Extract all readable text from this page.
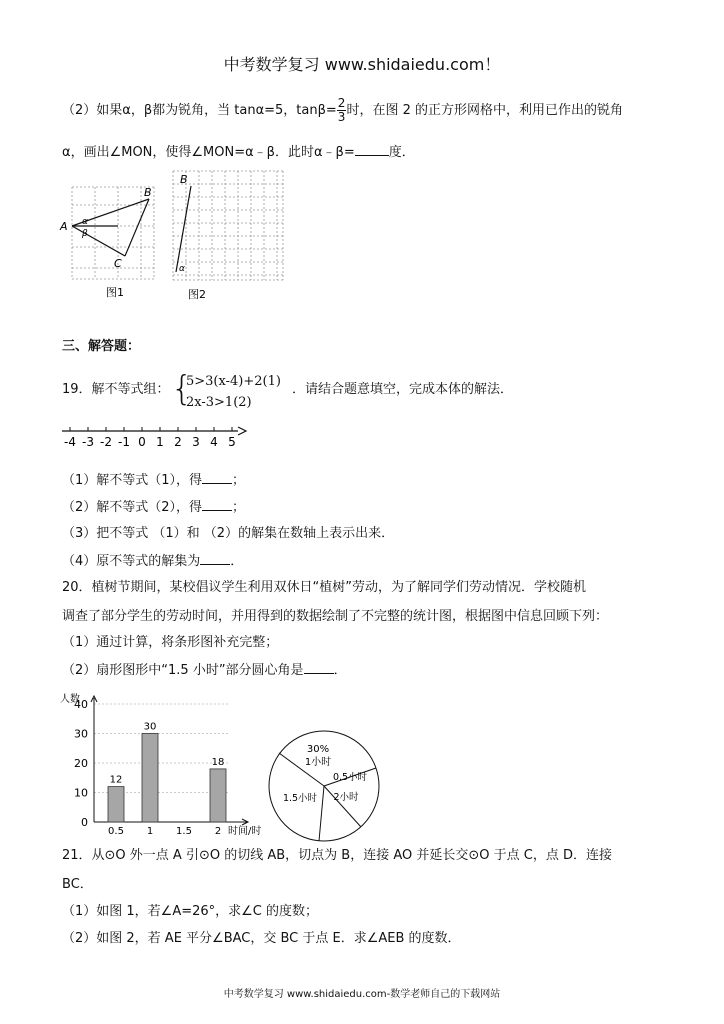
中考数学复习 www.shidaiedu.com！
（2）如果α，β都为锐角，当 tanα=5，$\tan\beta= \frac{2}{3}$ 时，在图 2 的正方形网格中，利用已作出的锐角
α，画出∠MON，使得∠MON=α﹣β．此时α﹣β=	度．
A
B
C
α
β
图1
B
α
图2
三、解答题：
19．解不等式组： {
5>3(x-4)+2(1)
2x-3>1(2)
．请结合题意填空，完成本体的解法．
-4 -3 -2 -1 0 1 2 3 4 5
（1）解不等式（1），得 ；
（2）解不等式（2），得 ；
（3）把不等式 （1）和 （2）的解集在数轴上表示出来．
（4）原不等式的解集为 ．
20．植树节期间，某校倡议学生利用双休日“植树”劳动，为了解同学们劳动情况．学校随机
调查了部分学生的劳动时间，并用得到的数据绘制了不完整的统计图，根据图中信息回顾下列：
（1）通过计算，将条形图补充完整；
（2）扇形图形中“1.5 小时”部分圆心角是 ．
0
10
20
30
40
人数
时间/时
0.5
12
1
30
1.5 2
18
30%
1小时
0.5小时
2小时
1.5小时
21．从⊙O 外一点 A 引⊙O 的切线 AB，切点为 B，连接 AO 并延长交⊙O 于点 C，点 D．连接
BC．
（1）如图 1，若∠A=26°，求∠C 的度数；
（2）如图 2，若 AE 平分∠BAC，交 BC 于点 E．求∠AEB 的度数．
中考数学复习 www.shidaiedu.com-数学老师自己的下载网站
